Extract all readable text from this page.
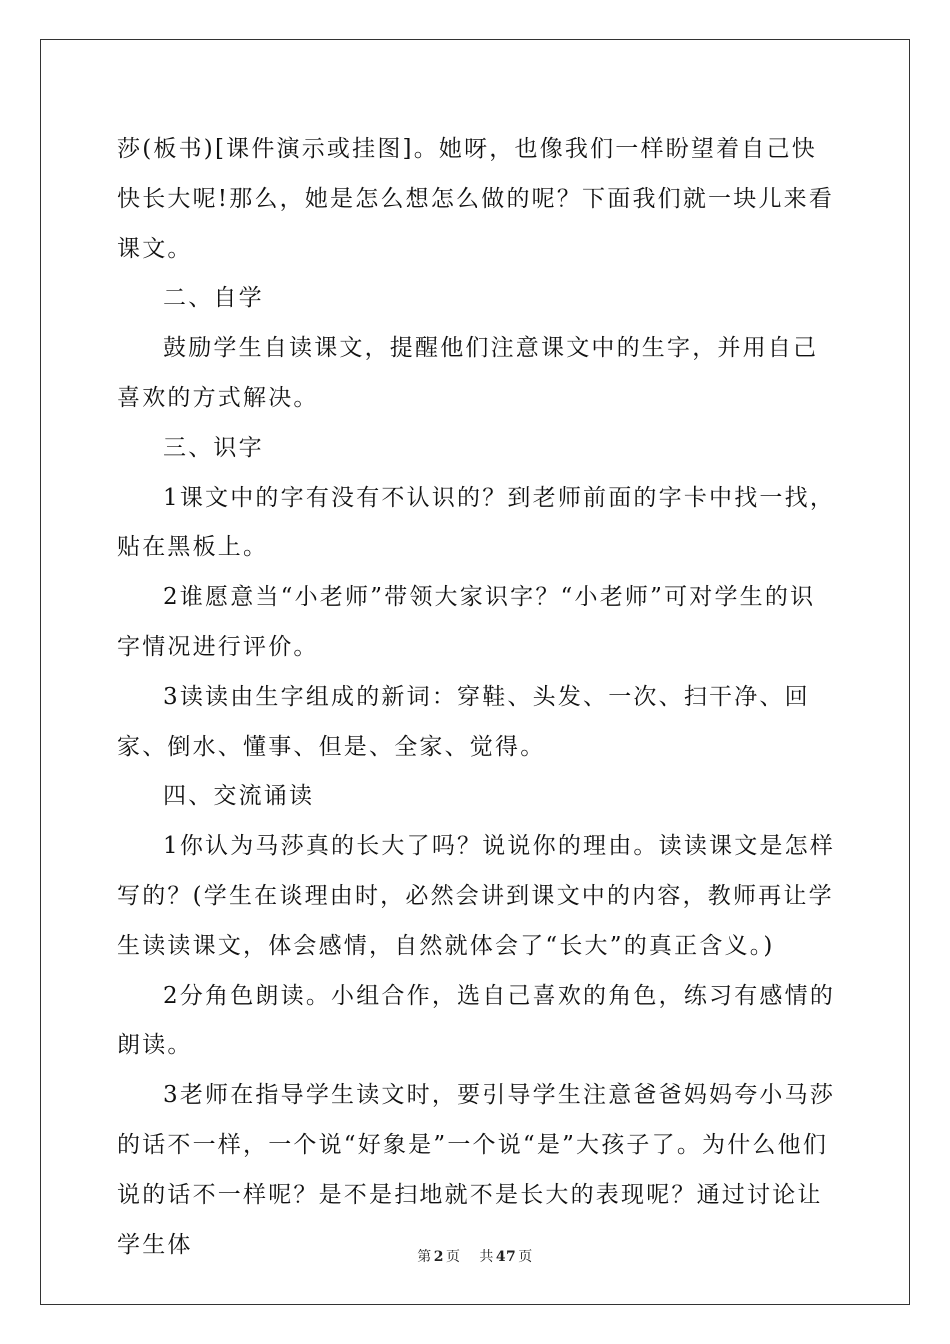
莎(板书)[课件演示或挂图]。她呀，也像我们一样盼望着自己快快长大呢!那么，她是怎么想怎么做的呢？下面我们就一块儿来看课文。

二、自学

鼓励学生自读课文，提醒他们注意课文中的生字，并用自己喜欢的方式解决。

三、识字

1课文中的字有没有不认识的？到老师前面的字卡中找一找，贴在黑板上。

2谁愿意当“小老师”带领大家识字？“小老师”可对学生的识字情况进行评价。

3读读由生字组成的新词：穿鞋、头发、一次、扫干净、回家、倒水、懂事、但是、全家、觉得。

四、交流诵读

1你认为马莎真的长大了吗？说说你的理由。读读课文是怎样写的？(学生在谈理由时，必然会讲到课文中的内容，教师再让学生读读课文，体会感情，自然就体会了“长大”的真正含义。)

2分角色朗读。小组合作，选自己喜欢的角色，练习有感情的朗读。

3老师在指导学生读文时，要引导学生注意爸爸妈妈夸小马莎的话不一样，一个说“好象是”一个说“是”大孩子了。为什么他们说的话不一样呢？是不是扫地就不是长大的表现呢？通过讨论让学生体	第 2 页 共 47 页
